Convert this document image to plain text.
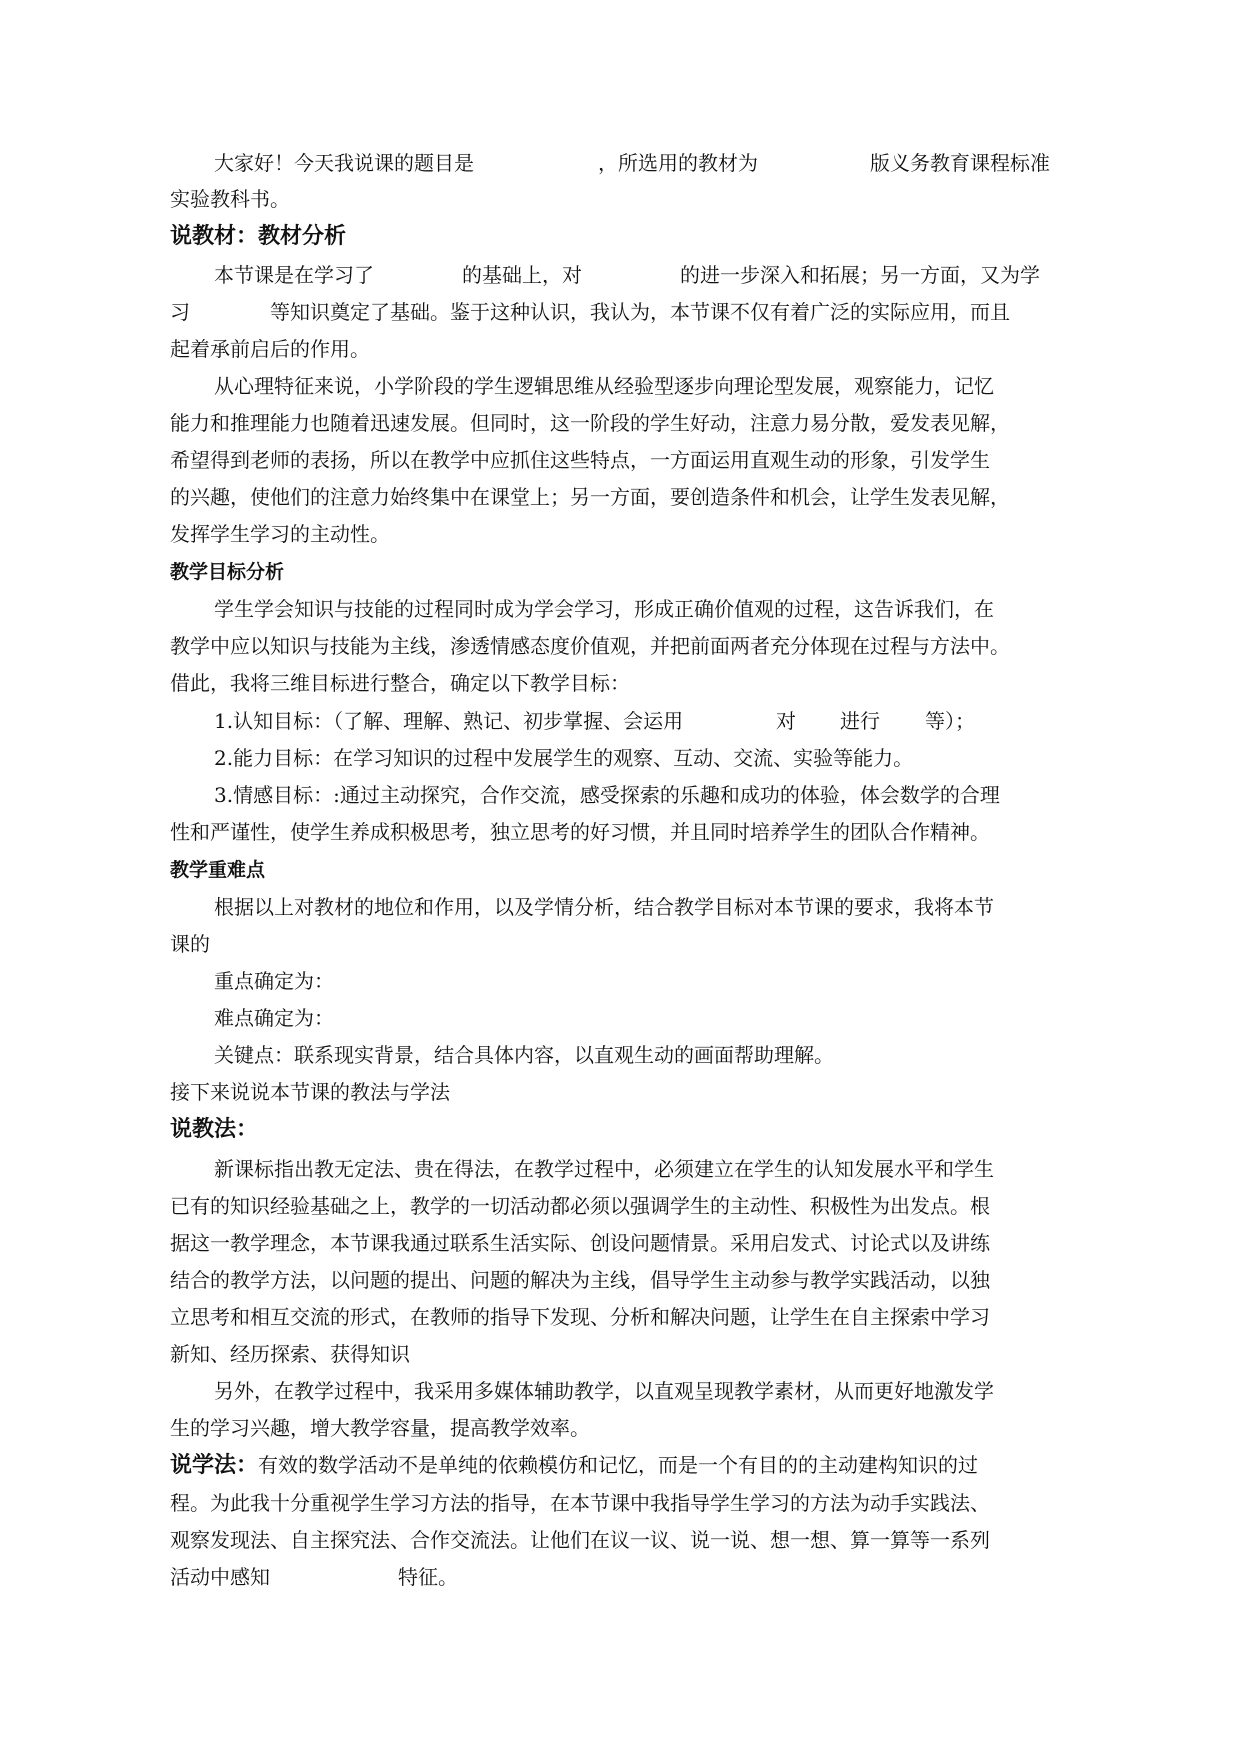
大家好！今天我说课的题目是	，所选用的教材为	版义务教育课程标准
实验教科书。
说教材：教材分析
本节课是在学习了	的基础上，对	的进一步深入和拓展；另一方面，又为学
习	等知识奠定了基础。鉴于这种认识，我认为，本节课不仅有着广泛的实际应用，而且
起着承前启后的作用。
从心理特征来说，小学阶段的学生逻辑思维从经验型逐步向理论型发展，观察能力，记忆
能力和推理能力也随着迅速发展。但同时，这一阶段的学生好动，注意力易分散，爱发表见解，
希望得到老师的表扬，所以在教学中应抓住这些特点，一方面运用直观生动的形象，引发学生
的兴趣，使他们的注意力始终集中在课堂上；另一方面，要创造条件和机会，让学生发表见解，
发挥学生学习的主动性。
教学目标分析
学生学会知识与技能的过程同时成为学会学习，形成正确价值观的过程，这告诉我们，在
教学中应以知识与技能为主线，渗透情感态度价值观，并把前面两者充分体现在过程与方法中。
借此，我将三维目标进行整合，确定以下教学目标：
1.认知目标：（了解、理解、熟记、初步掌握、会运用	对 进行 等）；
2.能力目标：在学习知识的过程中发展学生的观察、互动、交流、实验等能力。
3.情感目标：:通过主动探究，合作交流，感受探索的乐趣和成功的体验，体会数学的合理
性和严谨性，使学生养成积极思考，独立思考的好习惯，并且同时培养学生的团队合作精神。
教学重难点
根据以上对教材的地位和作用，以及学情分析，结合教学目标对本节课的要求，我将本节
课的
重点确定为：
难点确定为：
关键点：联系现实背景，结合具体内容，以直观生动的画面帮助理解。
接下来说说本节课的教法与学法
说教法：
新课标指出教无定法、贵在得法，在教学过程中，必须建立在学生的认知发展水平和学生
已有的知识经验基础之上，教学的一切活动都必须以强调学生的主动性、积极性为出发点。根
据这一教学理念，本节课我通过联系生活实际、创设问题情景。采用启发式、讨论式以及讲练
结合的教学方法，以问题的提出、问题的解决为主线，倡导学生主动参与教学实践活动，以独
立思考和相互交流的形式，在教师的指导下发现、分析和解决问题，让学生在自主探索中学习
新知、经历探索、获得知识
另外，在教学过程中，我采用多媒体辅助教学，以直观呈现教学素材，从而更好地激发学
生的学习兴趣，增大教学容量，提高教学效率。
说学法：有效的数学活动不是单纯的依赖模仿和记忆，而是一个有目的的主动建构知识的过
程。为此我十分重视学生学习方法的指导，在本节课中我指导学生学习的方法为动手实践法、
观察发现法、自主探究法、合作交流法。让他们在议一议、说一说、想一想、算一算等一系列
活动中感知	特征。
